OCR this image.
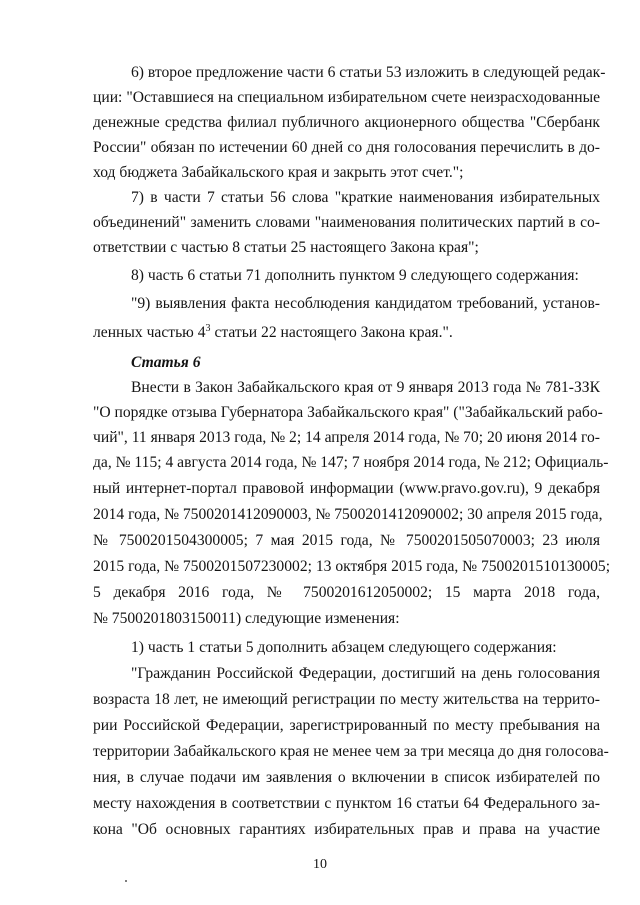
6) второе предложение части 6 статьи 53 изложить в следующей редак-
ции: "Оставшиеся на специальном избирательном счете неизрасходованные
денежные средства филиал публичного акционерного общества "Сбербанк
России" обязан по истечении 60 дней со дня голосования перечислить в до-
ход бюджета Забайкальского края и закрыть этот счет.";
7) в части 7 статьи 56 слова "краткие наименования избирательных
объединений" заменить словами "наименования политических партий в со-
ответствии с частью 8 статьи 25 настоящего Закона края";
8) часть 6 статьи 71 дополнить пунктом 9 следующего содержания:
"9) выявления факта несоблюдения кандидатом требований, установ-
ленных частью $4^3$ статьи 22 настоящего Закона края.".
Статья 6
Внести в Закон Забайкальского края от 9 января 2013 года № 781-ЗЗК
"О порядке отзыва Губернатора Забайкальского края" ("Забайкальский рабо-
чий", 11 января 2013 года, № 2; 14 апреля 2014 года, № 70; 20 июня 2014 го-
да, № 115; 4 августа 2014 года, № 147; 7 ноября 2014 года, № 212; Официаль-
ный интернет-портал правовой информации (www.pravo.gov.ru), 9 декабря
2014 года, № 7500201412090003, № 7500201412090002; 30 апреля 2015 года,
№ 7500201504300005; 7 мая 2015 года, № 7500201505070003; 23 июля
2015 года, № 7500201507230002; 13 октября 2015 года, № 7500201510130005;
5 декабря 2016 года, № 7500201612050002; 15 марта 2018 года,
№ 7500201803150011) следующие изменения:
1) часть 1 статьи 5 дополнить абзацем следующего содержания:
"Гражданин Российской Федерации, достигший на день голосования
возраста 18 лет, не имеющий регистрации по месту жительства на террито-
рии Российской Федерации, зарегистрированный по месту пребывания на
территории Забайкальского края не менее чем за три месяца до дня голосова-
ния, в случае подачи им заявления о включении в список избирателей по
месту нахождения в соответствии с пунктом 16 статьи 64 Федерального за-
кона "Об основных гарантиях избирательных прав и права на участие
10
